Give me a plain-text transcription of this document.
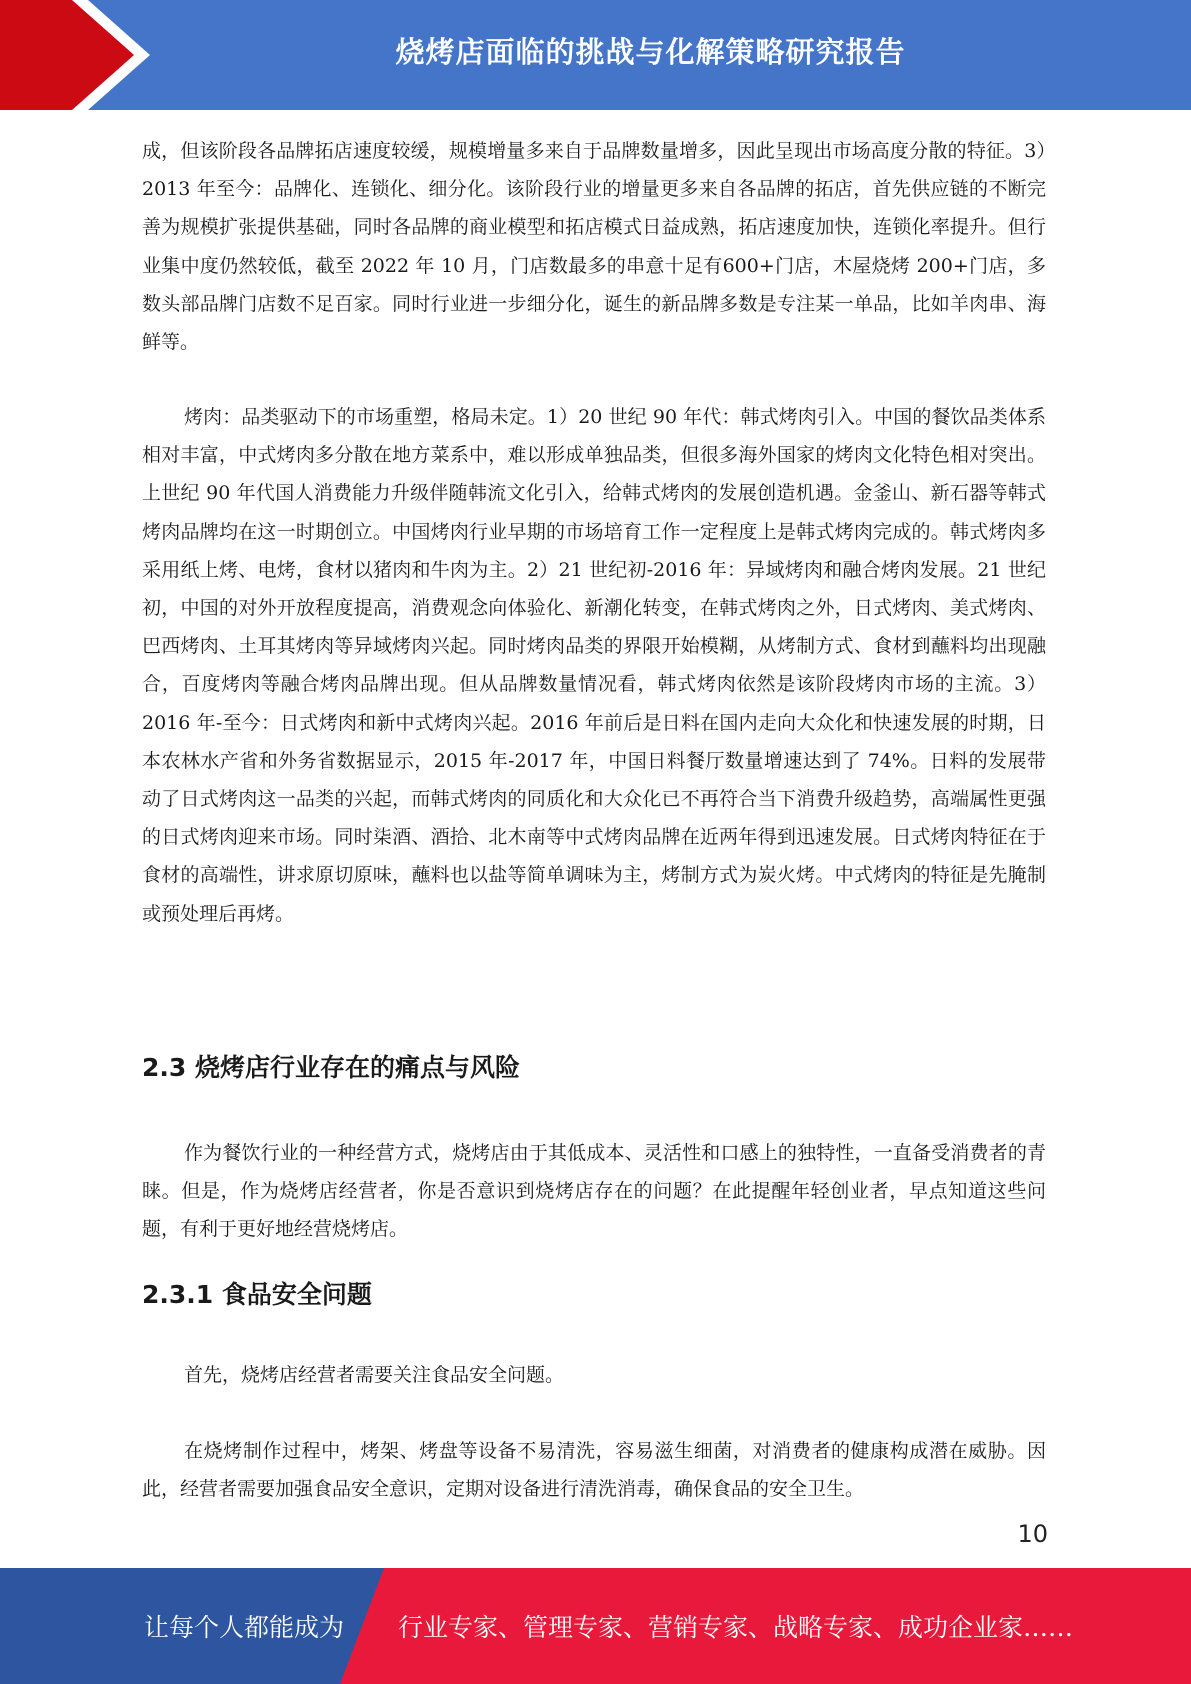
烧烤店面临的挑战与化解策略研究报告

成，但该阶段各品牌拓店速度较缓，规模增量多来自于品牌数量增多，因此呈现出市场高度分散的特征。3）2013 年至今：品牌化、连锁化、细分化。该阶段行业的增量更多来自各品牌的拓店，首先供应链的不断完善为规模扩张提供基础，同时各品牌的商业模型和拓店模式日益成熟，拓店速度加快，连锁化率提升。但行业集中度仍然较低，截至 2022 年 10 月，门店数最多的串意十足有600+门店，木屋烧烤 200+门店，多数头部品牌门店数不足百家。同时行业进一步细分化，诞生的新品牌多数是专注某一单品，比如羊肉串、海鲜等。

烤肉：品类驱动下的市场重塑，格局未定。1）20 世纪 90 年代：韩式烤肉引入。中国的餐饮品类体系相对丰富，中式烤肉多分散在地方菜系中，难以形成单独品类，但很多海外国家的烤肉文化特色相对突出。上世纪 90 年代国人消费能力升级伴随韩流文化引入，给韩式烤肉的发展创造机遇。金釜山、新石器等韩式烤肉品牌均在这一时期创立。中国烤肉行业早期的市场培育工作一定程度上是韩式烤肉完成的。韩式烤肉多采用纸上烤、电烤，食材以猪肉和牛肉为主。2）21 世纪初-2016 年：异域烤肉和融合烤肉发展。21 世纪初，中国的对外开放程度提高，消费观念向体验化、新潮化转变，在韩式烤肉之外，日式烤肉、美式烤肉、巴西烤肉、土耳其烤肉等异域烤肉兴起。同时烤肉品类的界限开始模糊，从烤制方式、食材到蘸料均出现融合，百度烤肉等融合烤肉品牌出现。但从品牌数量情况看，韩式烤肉依然是该阶段烤肉市场的主流。3）2016 年-至今：日式烤肉和新中式烤肉兴起。2016 年前后是日料在国内走向大众化和快速发展的时期，日本农林水产省和外务省数据显示，2015 年-2017 年，中国日料餐厅数量增速达到了 74%。日料的发展带动了日式烤肉这一品类的兴起，而韩式烤肉的同质化和大众化已不再符合当下消费升级趋势，高端属性更强的日式烤肉迎来市场。同时柒酒、酒拾、北木南等中式烤肉品牌在近两年得到迅速发展。日式烤肉特征在于食材的高端性，讲求原切原味，蘸料也以盐等简单调味为主，烤制方式为炭火烤。中式烤肉的特征是先腌制或预处理后再烤。

2.3 烧烤店行业存在的痛点与风险

作为餐饮行业的一种经营方式，烧烤店由于其低成本、灵活性和口感上的独特性，一直备受消费者的青睐。但是，作为烧烤店经营者，你是否意识到烧烤店存在的问题？在此提醒年轻创业者，早点知道这些问题，有利于更好地经营烧烤店。

2.3.1 食品安全问题

首先，烧烤店经营者需要关注食品安全问题。

在烧烤制作过程中，烤架、烤盘等设备不易清洗，容易滋生细菌，对消费者的健康构成潜在威胁。因此，经营者需要加强食品安全意识，定期对设备进行清洗消毒，确保食品的安全卫生。

10
让每个人都能成为 行业专家、管理专家、营销专家、战略专家、成功企业家……
